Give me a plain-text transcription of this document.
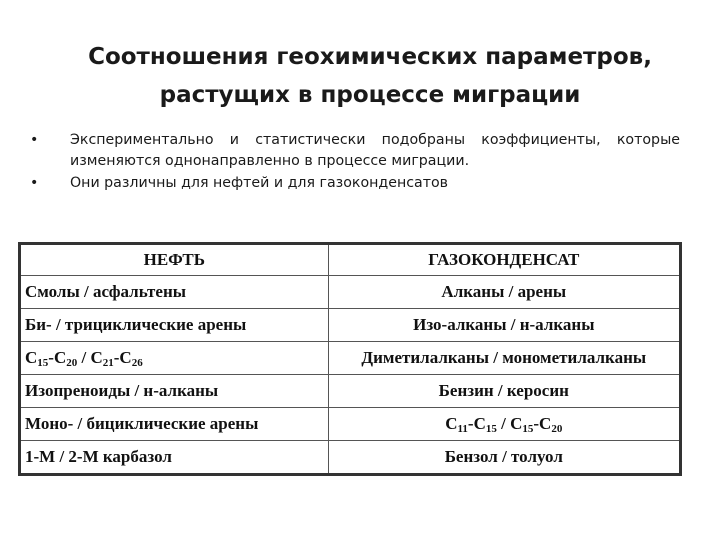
Соотношения геохимических параметров,
растущих в процессе миграции
• Экспериментально и статистически подобраны коэффициенты, которые изменяются однонаправленно в процессе миграции.
• Они различны для нефтей и для газоконденсатов
НЕФТЬ	ГАЗОКОНДЕНСАТ
Смолы / асфальтены	Алканы / арены
Би- / трициклические арены	Изо-алканы / н-алканы
$C_{15}-C_{20} / C_{21}-C_{26}$	Диметилалканы / монометилалканы
Изопреноиды / н-алканы	Бензин / керосин
Моно- / бициклические арены	$C_{11}-C_{15} / C_{15}-C_{20}$
1-M / 2-M карбазол	Бензол / толуол
